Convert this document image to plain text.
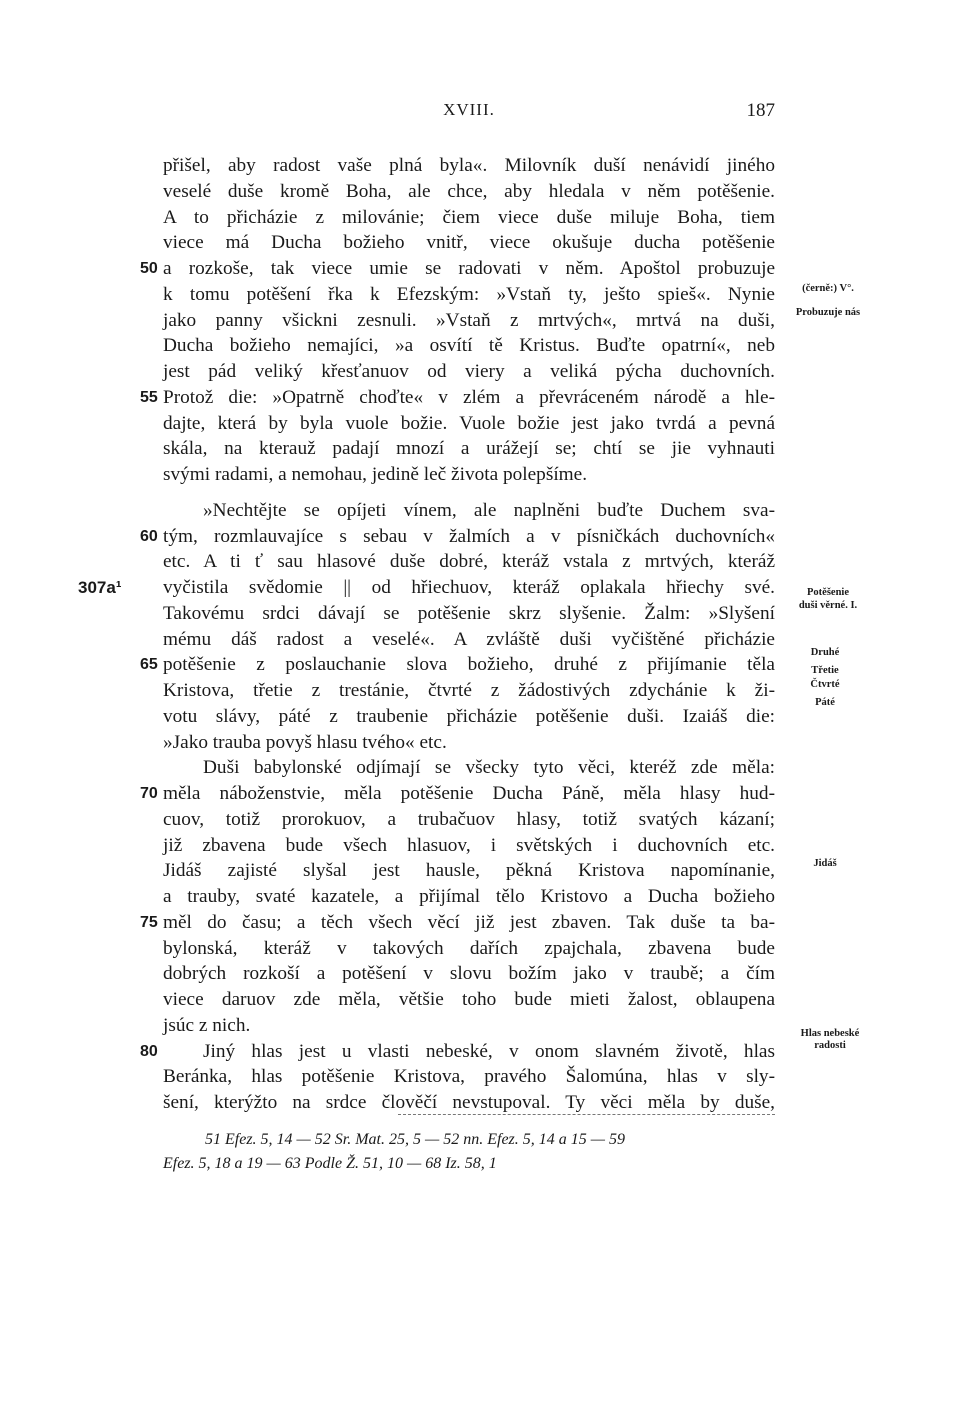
XVIII.	187
přišel, aby radost vaše plná byla«. Milovník duší nenávidí jiného
veselé duše kromě Boha, ale chce, aby hledala v něm potěšenie.
A to přicházie z milovánie; čiem viece duše miluje Boha, tiem
viece má Ducha božieho vnitř, viece okušuje ducha potěšenie
50 a rozkoše, tak viece umie se radovati v něm. Apoštol probuzuje
k tomu potěšení řka k Efezským: »Vstaň ty, ješto spieš«. Nynie
jako panny všickni zesnuli. »Vstaň z mrtvých«, mrtvá na duši,
Ducha božieho nemajíci, »a osvítí tě Kristus. Buďte opatrní«, neb
jest pád veliký křesťanuov od viery a veliká pýcha duchovních.
55 Protož die: »Opatrně choďte« v zlém a převráceném národě a hle-
dajte, která by byla vuole božie. Vuole božie jest jako tvrdá a pevná
skála, na kterauž padají mnozí a urážejí se; chtí se jie vyhnauti
svými radami, a nemohau, jedině leč života polepšíme.
»Nechtějte se opíjeti vínem, ale naplněni buďte Duchem sva-
60 tým, rozmlauvajíce s sebau v žalmích a v písničkách duchovních«
etc. A ti ť sau hlasové duše dobré, kteráž vstala z mrtvých, kteráž
307a¹ vyčistila svědomie || od hřiechuov, kteráž oplakala hřiechy své.
Takovému srdci dávají se potěšenie skrz slyšenie. Žalm: »Slyšení
mému dáš radost a veselé«. A zvláště duši vyčištěné přicházie
65 potěšenie z poslauchanie slova božieho, druhé z přijímanie těla
Kristova, třetie z trestánie, čtvrté z žádostivých zdychánie k ži-
votu slávy, páté z traubenie přicházie potěšenie duši. Izaiáš die:
»Jako trauba povyš hlasu tvého« etc.
Duši babylonské odjímají se všecky tyto věci, kteréž zde měla:
70 měla náboženstvie, měla potěšenie Ducha Páně, měla hlasy hud-
cuov, totiž prorokuov, a trubačuov hlasy, totiž svatých kázaní;
již zbavena bude všech hlasuov, i světských i duchovních etc.
Jidáš zajisté slyšal jest hausle, pěkná Kristova napomínanie,
a trauby, svaté kazatele, a přijímal tělo Kristovo a Ducha božieho
75 měl do času; a těch všech věcí již jest zbaven. Tak duše ta ba-
bylonská, kteráž v takových dařích zpajchala, zbavena bude
dobrých rozkoší a potěšení v slovu božím jako v traubě; a čím
viece daruov zde měla, většie toho bude mieti žalost, oblaupena
jsúc z nich.
80 Jiný hlas jest u vlasti nebeské, v onom slavném životě, hlas
Beránka, hlas potěšenie Kristova, pravého Šalomúna, hlas v sly-
šení, kterýžto na srdce člověčí nevstupoval. Ty věci měla by duše,
(černě:) V°.
Probuzuje nás
Potěšenie
duši věrné. I.
Druhé
Třetie
Čtvrté
Páté
Jidáš
Hlas nebeské
radosti
51 Efez. 5, 14 — 52 Sr. Mat. 25, 5 — 52 nn. Efez. 5, 14 a 15 — 59
Efez. 5, 18 a 19 — 63 Podle Ž. 51, 10 — 68 Iz. 58, 1
